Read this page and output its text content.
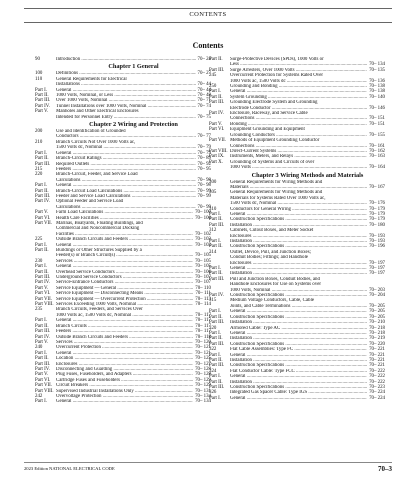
CONTENTS
Contents
90	Introduction .....	70– 24
Chapter 1 General
100	Definitions .....	70– 27
110	General Requirements for Electrical
Installations .....	70– 44
Part I.	General .....	70– 44
Part II.	1000 Volts, Nominal, or Less .....	70– 48
Part III.	Over 1000 Volts, Nominal .....	70– 71
Part IV.	Tunnel Installations over 1000 Volts, Nominal .....	70– 74
Part V.	Manholes and Other Electrical Enclosures
Intended for Personnel Entry .....	70– 75
Chapter 2 Wiring and Protection
200	Use and Identification of Grounded
Conductors .....	70– 77
210	Branch Circuits Not Over 1000 Volts ac,
1500 Volts dc, Nominal .....	70– 79
Part I.	General .....	70– 79
Part II.	Branch-Circuit Ratings .....	70– 89
Part III.	Required Outlets .....	70– 92
215	Feeders .....	70– 95
220	Branch-Circuit, Feeder, and Service Load
Calculations .....	70– 98
Part I.	General .....	70– 98
Part II.	Branch-Circuit Load Calculations .....	70– 99
Part III.	Feeder and Service Load Calculations .....	70– 99
Part IV.	Optional Feeder and Service Load
Calculations .....	70– 99
Part V.	Farm Load Calculations .....	70– 100
Part VI.	Health Care Facilities .....	70– 100
Part VII. Marinas, Boatyards, Floating Buildings, and
Commercial and Noncommercial Docking
Facilities .....	70– 102
225	Outside Branch Circuits and Feeders .....	70– 103
Part I.	General .....	70– 103
Part II.	Buildings or Other Structures Supplied by a
Feeder(s) or Branch Circuit(s) .....	70– 105
230	Services .....	70– 105
Part I.	General .....	70– 105
Part II.	Overhead Service Conductors .....	70– 106
Part III.	Underground Service Conductors .....	70– 107
Part IV.	Service-Entrance Conductors .....	70– 107
Part V.	Service Equipment — General .....	70– 110
Part VI.	Service Equipment — Disconnecting Means .....	70– 111
Part VII. Service Equipment — Overcurrent Protection .....	70– 113
Part VIII. Services Exceeding 1000 Volts, Nominal .....	70– 114
235	Branch Circuits, Feeders, and Services Over
1000 Volts ac, 1500 Volts dc, Nominal .....	70– 117
Part I.	General .....	70– 117
Part II.	Branch Circuits .....	70– 117
Part III.	Feeders .....	70– 117
Part IV.	Outside Branch Circuits and Feeders .....	70– 118
Part V.	Services .....	70– 120
240	Overcurrent Protection .....	70– 121
Part I.	General .....	70– 121
Part II.	Location .....	70– 125
Part III.	Enclosures .....	70– 127
Part IV.	Disconnecting and Guarding .....	70– 128
Part V.	Plug Fuses, Fuseholders, and Adapters .....	70– 128
Part VI.	Cartridge Fuses and Fuseholders .....	70– 129
Part VII. Circuit Breakers .....	70– 129
Part VIII. Supervised Industrial Installations Only .....	70– 131
242	Overvoltage Protection .....	70– 134
Part I.	General .....	70– 134
Part II.	Surge-Protective Devices (SPDs), 1000 Volts or
Less .....	70– 134
Part III.	Surge Arresters, Over 1000 Volts .....	70– 135
245	Overcurrent Protection for Systems Rated Over
1000 Volts ac, 1500 Volts dc .....	70– 136
250	Grounding and Bonding .....	70– 138
Part I.	General .....	70– 138
Part II.	System Grounding .....	70– 140
Part III.	Grounding Electrode System and Grounding
Electrode Conductor .....	70– 146
Part IV.	Enclosure, Raceway, and Service Cable
Connections .....	70– 151
Part V.	Bonding .....	70– 151
Part VI.	Equipment Grounding and Equipment
Grounding Conductors .....	70– 155
Part VII. Methods of Equipment Grounding Conductor
Connections .....	70– 161
Part VIII. Direct-Current Systems .....	70– 162
Part IX.	Instruments, Meters, and Relays .....	70– 163
Part X.	Grounding of Systems and Circuits of over
1000 Volts .....	70– 164
Chapter 3 Wiring Methods and Materials
300	General Requirements for Wiring Methods and
Materials .....	70– 167
305	General Requirements for Wiring Methods and
Materials for Systems Rated Over 1000 Volts ac,
1500 Volts dc, Nominal .....	70– 176
310	Conductors for General Wiring .....	70– 179
Part I.	General .....	70– 179
Part II.	Construction Specifications .....	70– 179
Part III.	Installation .....	70– 180
312	Cabinets, Cutout Boxes, and Meter Socket
Enclosures .....	70– 193
Part I.	Installation .....	70– 193
Part II.	Construction Specifications .....	70– 196
314	Outlet, Device, Pull, and Junction Boxes;
Conduit Bodies; Fittings; and Handhole
Enclosures .....	70– 197
Part I.	General .....	70– 197
Part II.	Installation .....	70– 197
Part III.	Pull and Junction Boxes, Conduit Bodies, and
Handhole Enclosures for Use on Systems over
1000 Volts, Nominal .....	70– 203
Part IV.	Construction Specifications .....	70– 204
315	Medium Voltage Conductors, Cable, Cable
Joints, and Cable Terminations .....	70– 205
Part I.	General .....	70– 205
Part II.	Construction Specifications .....	70– 205
Part III.	Installation .....	70– 210
320	Armored Cable: Type AC .....	70– 218
Part I.	General .....	70– 218
Part II.	Installation .....	70– 219
Part III.	Construction Specifications .....	70– 220
322	Flat Cable Assemblies: Type FC .....	70– 221
Part I.	General .....	70– 221
Part II.	Installation .....	70– 221
Part III.	Construction Specifications .....	70– 221
324	Flat Conductor Cable: Type FCC .....	70– 222
Part I.	General .....	70– 222
Part II.	Installation .....	70– 222
Part III.	Construction Specifications .....	70– 223
326	Integrated Gas Spacer Cable: Type IGS .....	70– 224
Part I.	General .....	70– 224
2023 Edition NATIONAL ELECTRICAL CODE	70–3
